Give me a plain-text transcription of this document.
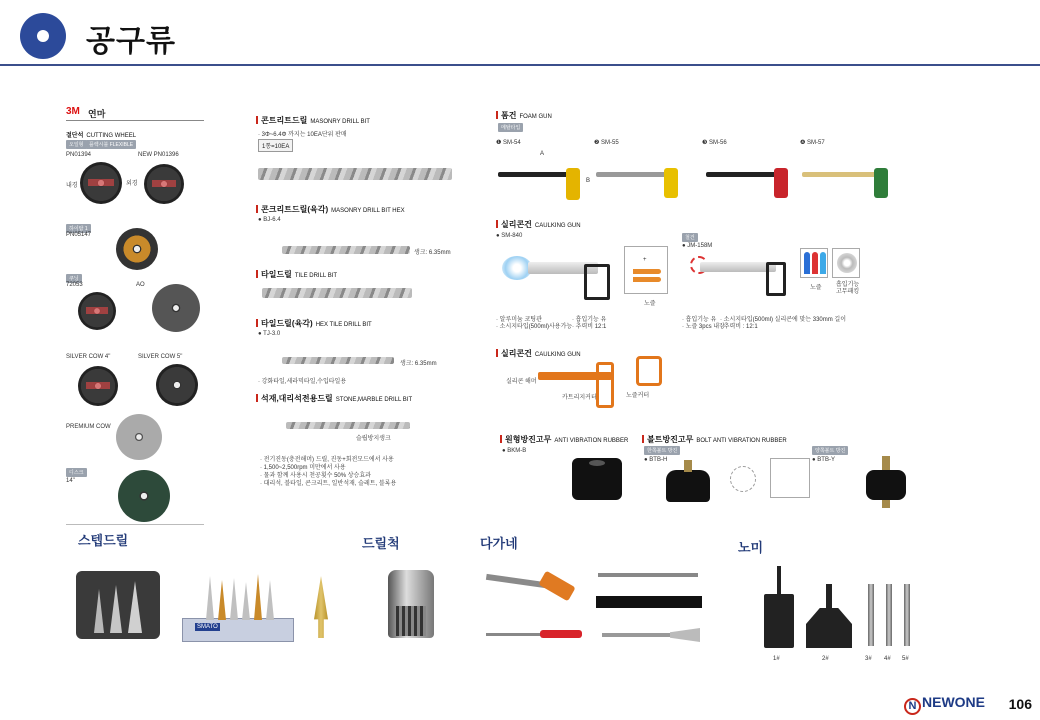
공구류
3M 연마
절단석 CUTTING WHEEL
오일형	플렉시블 FLEXIBLE
PN01394	NEW PN01396
내경	외경
하이탑 1
PN05147
쿠닝
72053	AO
SILVER COW 4"	SILVER COW 5"
PREMIUM COW
디스크
14"
콘트리트드릴 MASONRY DRILL BIT
· 3Φ~6.4Φ 까지는 10EA단위 판매
1통=10EA
콘크리트드릴(육각) MASONRY DRILL BIT HEX
● BJ-6.4
생크: 6.35mm
타일드릴 TILE DRILL BIT
타일드릴(육각) HEX TILE DRILL BIT
● TJ-3.0
생크: 6.35mm
· 강화타일,세라믹타일,수입타일용
석재,대리석전용드릴 STONE,MARBLE DRILL BIT
슬립방지생크
· 전기진동(충전해머) 드릴, 진동+회전모드에서 사용
· 1,500~2,500rpm 미만에서 사용
· 물과 함께 사용시 천공횟수 50% 상승효과
· 대리석, 블타일, 콘크리트, 일반석재, 슬레트, 블록용
폼건 FOAM GUN
메탈타입
❶ SM-54	❷ SM-55	❸ SM-56	❹ SM-57
A
B
실리콘건 CAULKING GUN
● SM-840	철건
● JM-158M
+
노즐
노즐 흡입기능
고무패킹
· 알루미늄 코팅관
· 소시지타입(500ml)사용가능
· 흡입기능 유
· 추력비 12:1
· 흡입기능 유
· 노즐 3pcs 내장
· 소시지타입(500ml) 실리콘에 맞는 330mm 길이
· 추력비 : 12:1
실리콘건 CAULKING GUN
실리콘 해머
카트리지커터	노즐커터
원형방진고무 ANTI VIBRATION RUBBER
● BKM-B
볼트방진고무 BOLT ANTI VIBRATION RUBBER
한쪽볼트 방진
● BTB-H
양쪽볼트 방진
● BTB-Y
스텝드릴
SMATO
드릴척	다가네	노미
1#	2#	3# 4# 5#
N NEWONE 106
